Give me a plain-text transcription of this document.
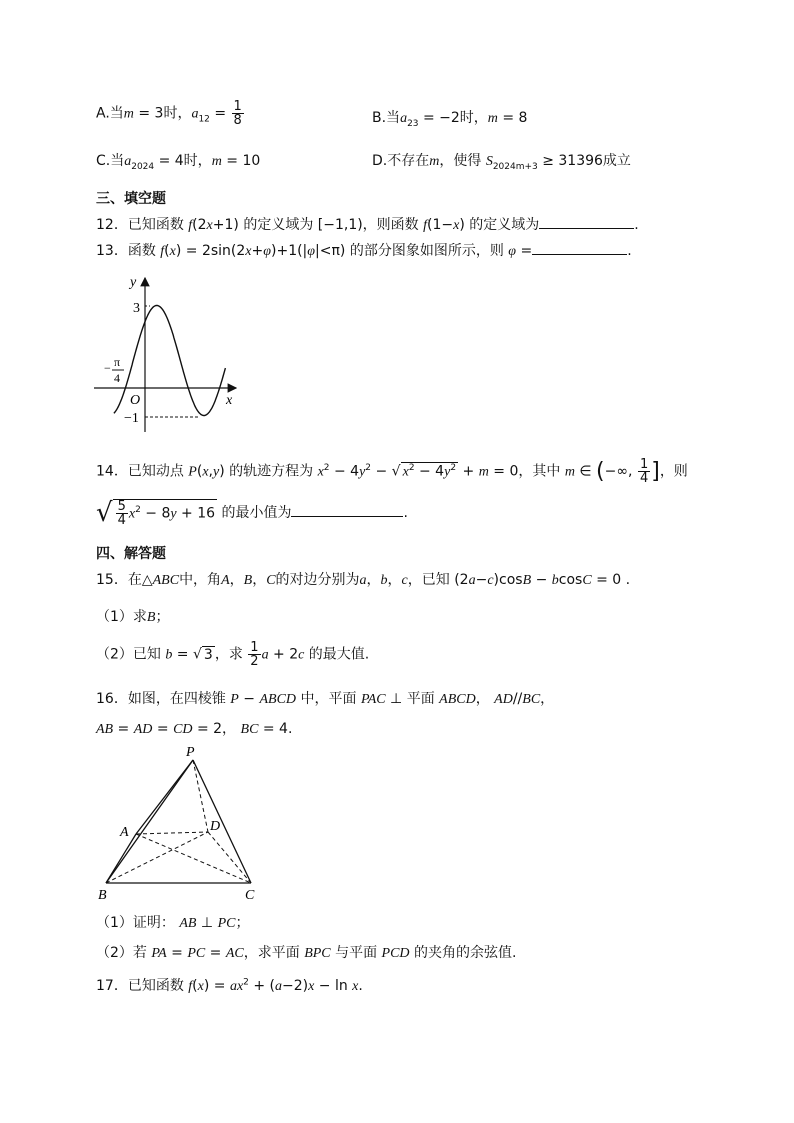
A.当m = 3时，$a_{12} = \frac{1}{8}$	B.当$a_{23} = -2$时，m = 8
C.当$a_{2024} = 4$时，m = 10	D.不存在m，使得 $S_{2024m+3} \ge 31396$成立
三、填空题
12．已知函数 f(2x+1) 的定义域为 [−1,1)，则函数 f(1−x) 的定义域为	.
13．函数 f(x) = 2sin(2x+φ)+1(|φ|<π) 的部分图象如图所示，则 φ =	.
y
x
O
3
−1
− π
4
14．已知动点 P(x,y) 的轨迹方程为 $x^2 - 4y^2$ − √ $x^2 - 4y^2 + m = 0$，其中 m ∈ (−∞, $\frac{1}{4}$ ]，则
√ $\frac{5}{4} x^2 - 8y + 16$ 的最小值为	.
四、解答题
15．在△ABC中，角A，B，C的对边分别为a，b，c，已知 (2a−c)cosB − bcosC = 0 .
（1）求B；
（2）已知 b = √ 3 ，求 $\frac{1}{2}$ a + 2c 的最大值.
16．如图，在四棱锥 P − ABCD 中，平面 PAC ⊥ 平面 ABCD， AD//BC，
AB = AD = CD = 2， BC = 4.
P
A	D
B	C
（1）证明： AB ⊥ PC；
（2）若 PA = PC = AC，求平面 BPC 与平面 PCD 的夹角的余弦值.
17．已知函数 $f(x) = ax^2 + (a-2)x - \ln x$.
